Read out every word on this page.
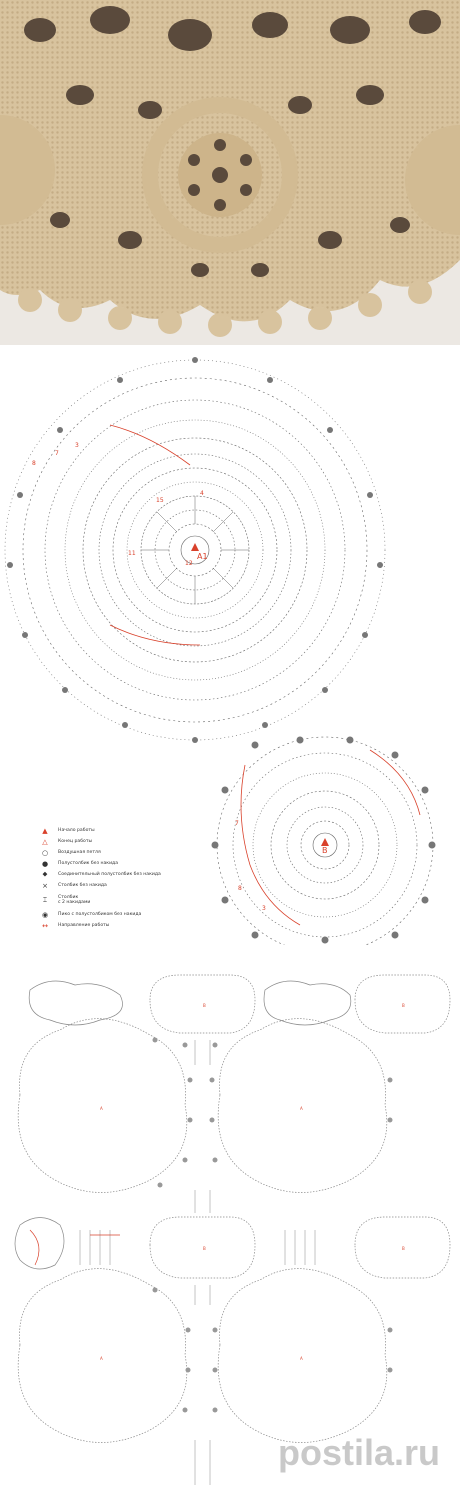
A1
12
15
11
4
8
7
3
B
7
8
3
▲	Начало работы
△	Конец работы
○	Воздушная петля
●	Полустолбик без накида
⬥	Соединительный полустолбик без накида
×	Столбик без накида
⌶	Столбик
с 2 накидами
◉	Пико с полустолбиком без накида
↔	Направление работы
A	A
A	A
B	B
B	B
postila.ru
